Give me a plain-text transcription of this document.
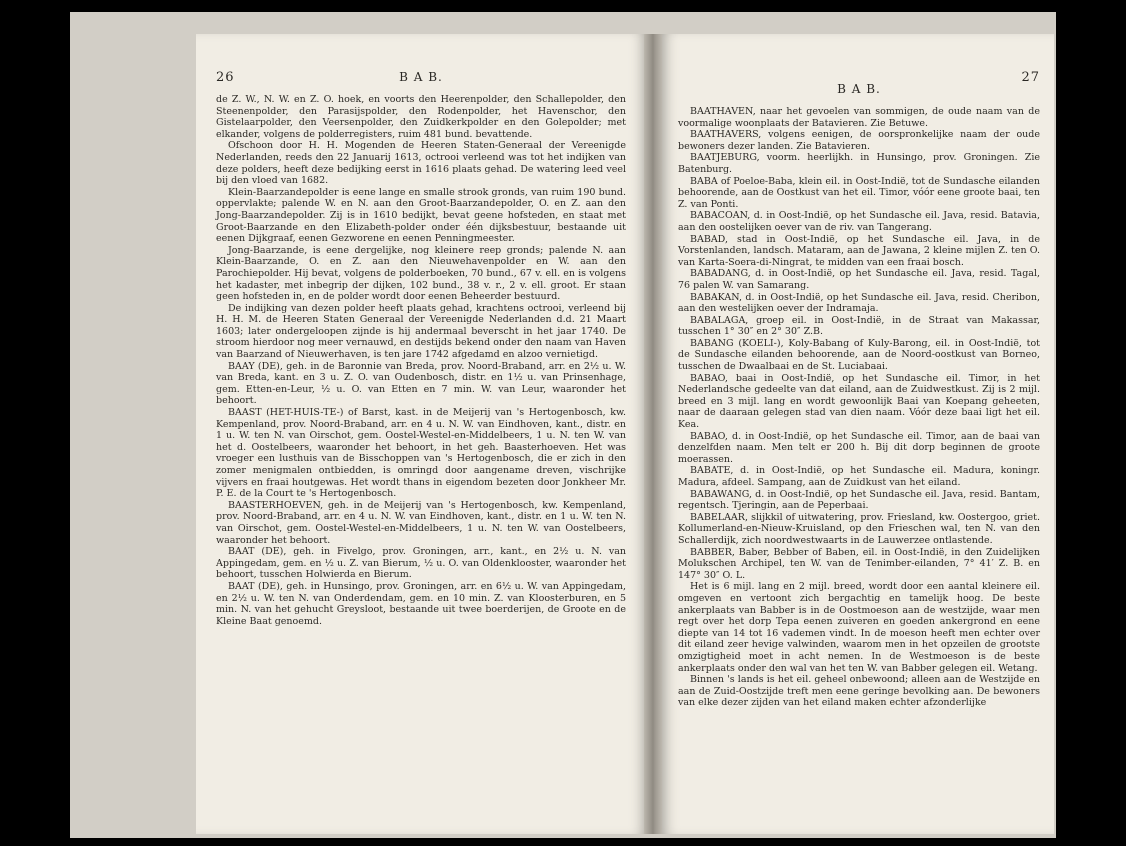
26	B A B.

de Z. W., N. W. en Z. O. hoek, en voorts den Heerenpolder, den Schallepolder, den Steenenpolder, den Parasijspolder, den Rodenpolder, het Havenschor, den Gistelaarpolder, den Veersenpolder, den Zuidkerkpolder en den Golepolder; met elkander, volgens de polderregisters, ruim 481 bund. bevattende.

Ofschoon door H. H. Mogenden de Heeren Staten-Generaal der Vereenigde Nederlanden, reeds den 22 Januarij 1613, octrooi verleend was tot het indijken van deze polders, heeft deze bedijking eerst in 1616 plaats gehad. De watering leed veel bij den vloed van 1682.

Klein-Baarzandepolder is eene lange en smalle strook gronds, van ruim 190 bund. oppervlakte; palende W. en N. aan den Groot-Baarzandepolder, O. en Z. aan den Jong-Baarzandepolder. Zij is in 1610 bedijkt, bevat geene hofsteden, en staat met Groot-Baarzande en den Elizabeth-polder onder één dijksbestuur, bestaande uit eenen Dijkgraaf, eenen Gezworene en eenen Penningmeester.

Jong-Baarzande, is eene dergelijke, nog kleinere reep gronds; palende N. aan Klein-Baarzande, O. en Z. aan den Nieuwehavenpolder en W. aan den Parochiepolder. Hij bevat, volgens de polderboeken, 70 bund., 67 v. ell. en is volgens het kadaster, met inbegrip der dijken, 102 bund., 38 v. r., 2 v. ell. groot. Er staan geen hofsteden in, en de polder wordt door eenen Beheerder bestuurd.

De indijking van dezen polder heeft plaats gehad, krachtens octrooi, verleend bij H. H. M. de Heeren Staten Generaal der Vereenigde Nederlanden d.d. 21 Maart 1603; later ondergeloopen zijnde is hij andermaal beverscht in het jaar 1740. De stroom hierdoor nog meer vernauwd, en destijds bekend onder den naam van Haven van Baarzand of Nieuwerhaven, is ten jare 1742 afgedamd en alzoo vernietigd.

BAAY (DE), geh. in de Baronnie van Breda, prov. Noord-Braband, arr. en 2½ u. W. van Breda, kant. en 3 u. Z. O. van Oudenbosch, distr. en 1½ u. van Prinsenhage, gem. Etten-en-Leur, ½ u. O. van Etten en 7 min. W. van Leur, waaronder het behoort.

BAAST (HET-HUIS-TE-) of Barst, kast. in de Meijerij van 's Hertogenbosch, kw. Kempenland, prov. Noord-Braband, arr. en 4 u. N. W. van Eindhoven, kant., distr. en 1 u. W. ten N. van Oirschot, gem. Oostel-Westel-en-Middelbeers, 1 u. N. ten W. van het d. Oostelbeers, waaronder het behoort, in het geh. Baasterhoeven. Het was vroeger een lusthuis van de Bisschoppen van 's Hertogenbosch, die er zich in den zomer menigmalen ontbiedden, is omringd door aangename dreven, vischrijke vijvers en fraai houtgewas. Het wordt thans in eigendom bezeten door Jonkheer Mr. P. E. de la Court te 's Hertogenbosch.

BAASTERHOEVEN, geh. in de Meijerij van 's Hertogenbosch, kw. Kempenland, prov. Noord-Braband, arr. en 4 u. N. W. van Eindhoven, kant., distr. en 1 u. W. ten N. van Oirschot, gem. Oostel-Westel-en-Middelbeers, 1 u. N. ten W. van Oostelbeers, waaronder het behoort.

BAAT (DE), geh. in Fivelgo, prov. Groningen, arr., kant., en 2½ u. N. van Appingedam, gem. en ½ u. Z. van Bierum, ½ u. O. van Oldenklooster, waaronder het behoort, tusschen Holwierda en Bierum.

BAAT (DE), geh. in Hunsingo, prov. Groningen, arr. en 6½ u. W. van Appingedam, en 2½ u. W. ten N. van Onderdendam, gem. en 10 min. Z. van Kloosterburen, en 5 min. N. van het gehucht Greysloot, bestaande uit twee boerderijen, de Groote en de Kleine Baat genoemd.

B A B.
27

BAATHAVEN, naar het gevoelen van sommigen, de oude naam van de voormalige woonplaats der Batavieren. Zie Betuwe.

BAATHAVERS, volgens eenigen, de oorspronkelijke naam der oude bewoners dezer landen. Zie Batavieren.

BAATJEBURG, voorm. heerlijkh. in Hunsingo, prov. Groningen. Zie Batenburg.

BABA of Poeloe-Baba, klein eil. in Oost-Indië, tot de Sundasche eilanden behoorende, aan de Oostkust van het eil. Timor, vóór eene groote baai, ten Z. van Ponti.

BABACOAN, d. in Oost-Indië, op het Sundasche eil. Java, resid. Batavia, aan den oostelijken oever van de riv. van Tangerang.

BABAD, stad in Oost-Indië, op het Sundasche eil. Java, in de Vorstenlanden, landsch. Mataram, aan de Jawana, 2 kleine mijlen Z. ten O. van Karta-Soera-di-Ningrat, te midden van een fraai bosch.

BABADANG, d. in Oost-Indië, op het Sundasche eil. Java, resid. Tagal, 76 palen W. van Samarang.

BABAKAN, d. in Oost-Indië, op het Sundasche eil. Java, resid. Cheribon, aan den westelijken oever der Indramaja.

BABALAGA, groep eil. in Oost-Indië, in de Straat van Makassar, tusschen 1° 30″ en 2° 30″ Z.B.

BABANG (KOELI-), Koly-Babang of Kuly-Barong, eil. in Oost-Indië, tot de Sundasche eilanden behoorende, aan de Noord-oostkust van Borneo, tusschen de Dwaalbaai en de St. Luciabaai.

BABAO, baai in Oost-Indië, op het Sundasche eil. Timor, in het Nederlandsche gedeelte van dat eiland, aan de Zuidwestkust. Zij is 2 mijl. breed en 3 mijl. lang en wordt gewoonlijk Baai van Koepang geheeten, naar de daaraan gelegen stad van dien naam. Vóór deze baai ligt het eil. Kea.

BABAO, d. in Oost-Indië, op het Sundasche eil. Timor, aan de baai van denzelfden naam. Men telt er 200 h. Bij dit dorp beginnen de groote moerassen.

BABATE, d. in Oost-Indië, op het Sundasche eil. Madura, koningr. Madura, afdeel. Sampang, aan de Zuidkust van het eiland.

BABAWANG, d. in Oost-Indië, op het Sundasche eil. Java, resid. Bantam, regentsch. Tjeringin, aan de Peperbaai.

BABELAAR, slijkkil of uitwatering, prov. Friesland, kw. Oostergoo, griet. Kollumerland-en-Nieuw-Kruisland, op den Frieschen wal, ten N. van den Schallerdijk, zich noordwestwaarts in de Lauwerzee ontlastende.

BABBER, Baber, Bebber of Baben, eil. in Oost-Indië, in den Zuidelijken Molukschen Archipel, ten W. van de Tenimber-eilanden, 7° 41′ Z. B. en 147° 30″ O. L.

Het is 6 mijl. lang en 2 mijl. breed, wordt door een aantal kleinere eil. omgeven en vertoont zich bergachtig en tamelijk hoog. De beste ankerplaats van Babber is in de Oostmoeson aan de westzijde, waar men regt over het dorp Tepa eenen zuiveren en goeden ankergrond en eene diepte van 14 tot 16 vademen vindt. In de moeson heeft men echter over dit eiland zeer hevige valwinden, waarom men in het opzeilen de grootste omzigtigheid moet in acht nemen. In de Westmoeson is de beste ankerplaats onder den wal van het ten W. van Babber gelegen eil. Wetang.

Binnen 's lands is het eil. geheel onbewoond; alleen aan de Westzijde en aan de Zuid-Oostzijde treft men eene geringe bevolking aan. De bewoners van elke dezer zijden van het eiland maken echter afzonderlijke
